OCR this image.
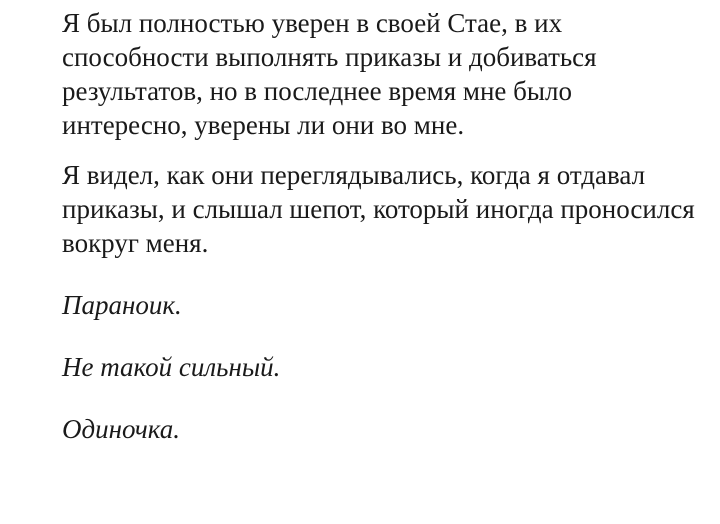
Я был полностью уверен в своей Стае, в их способности выполнять приказы и добиваться результатов, но в последнее время мне было интересно, уверены ли они во мне.

Я видел, как они переглядывались, когда я отдавал приказы, и слышал шепот, который иногда проносился вокруг меня.

Параноик.

Не такой сильный.

Одиночка.
